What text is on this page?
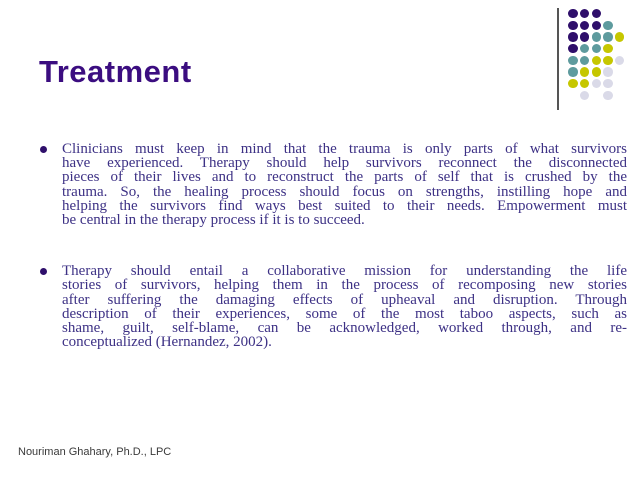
Treatment
Clinicians must keep in mind that the trauma is only parts of what survivors
have experienced. Therapy should help survivors reconnect the disconnected
pieces of their lives and to reconstruct the parts of self that is crushed by the
trauma. So, the healing process should focus on strengths, instilling hope and
helping the survivors find ways best suited to their needs. Empowerment must
be central in the therapy process if it is to succeed.
Therapy should entail a collaborative mission for understanding the life
stories of survivors, helping them in the process of recomposing new stories
after suffering the damaging effects of upheaval and disruption. Through
description of their experiences, some of the most taboo aspects, such as
shame, guilt, self-blame, can be acknowledged, worked through, and re-
conceptualized (Hernandez, 2002).
Nouriman Ghahary, Ph.D., LPC
